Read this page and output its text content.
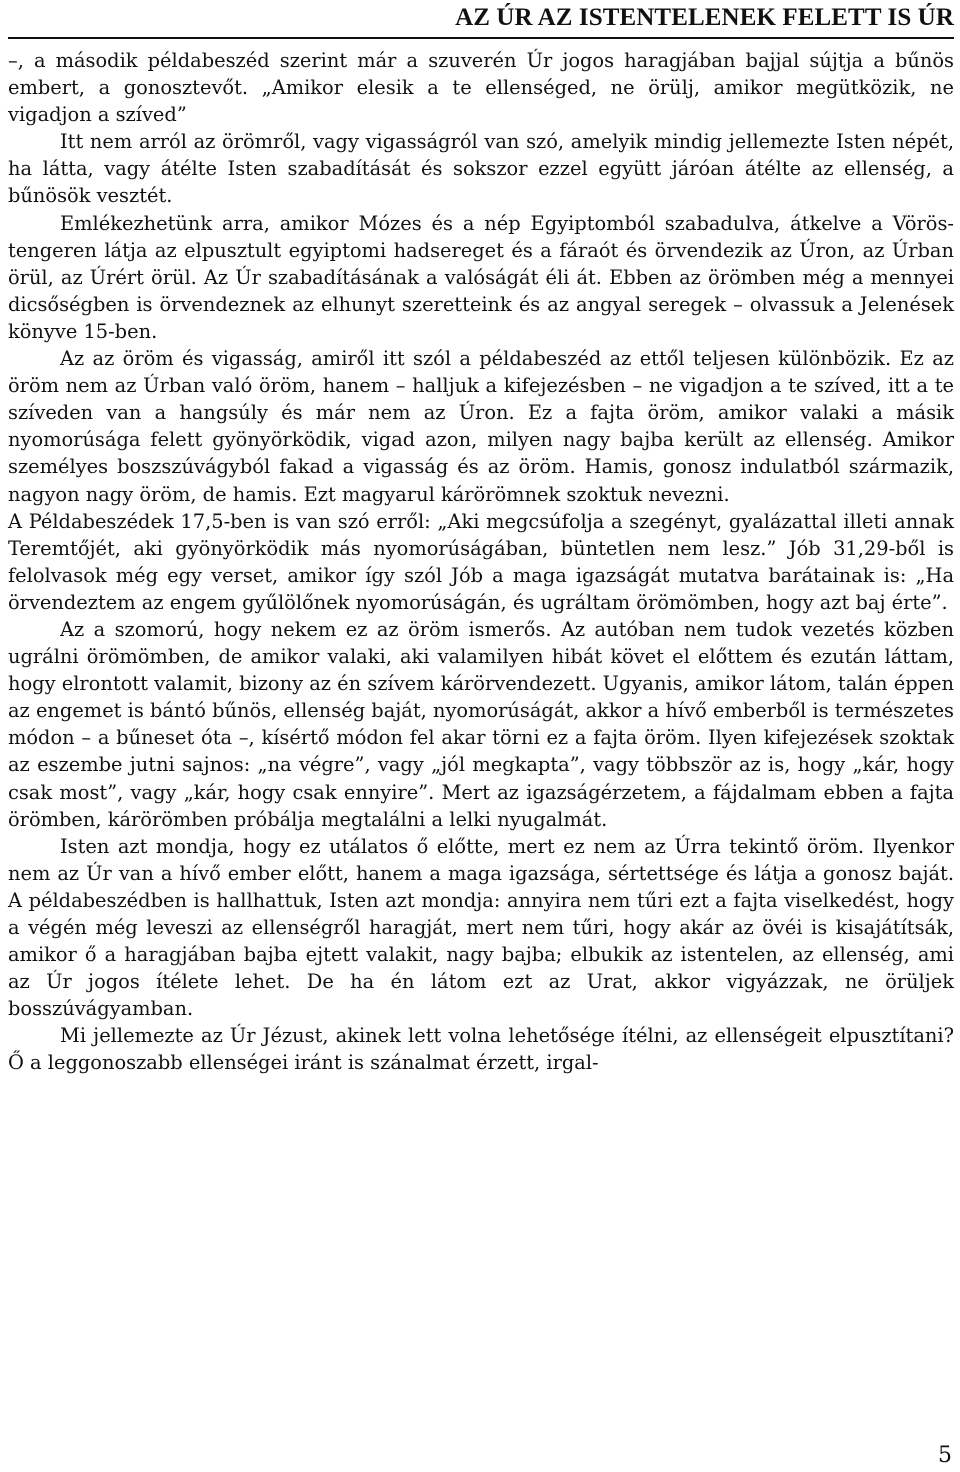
AZ ÚR AZ ISTENTELENEK FELETT IS ÚR

–, a második példabeszéd szerint már a szuverén Úr jogos haragjában bajjal sújtja a bűnös embert, a gonosztevőt. „Amikor elesik a te ellenséged, ne örülj, amikor megütközik, ne vigadjon a szíved”

Itt nem arról az örömről, vagy vigasságról van szó, amelyik mindig jellemezte Isten népét, ha látta, vagy átélte Isten szabadítását és sokszor ezzel együtt járóan átélte az ellenség, a bűnösök vesztét.

Emlékezhetünk arra, amikor Mózes és a nép Egyiptomból szabadulva, átkelve a Vörös-tengeren látja az elpusztult egyiptomi hadsereget és a fáraót és örvendezik az Úron, az Úrban örül, az Úrért örül. Az Úr szabadításának a valóságát éli át. Ebben az örömben még a mennyei dicsőségben is örvendeznek az elhunyt szeretteink és az angyal seregek – olvassuk a Jelenések könyve 15-ben.

Az az öröm és vigasság, amiről itt szól a példabeszéd az ettől teljesen különbözik. Ez az öröm nem az Úrban való öröm, hanem – halljuk a kifejezésben – ne vigadjon a te szíved, itt a te szíveden van a hangsúly és már nem az Úron. Ez a fajta öröm, amikor valaki a másik nyomorúsága felett gyönyörködik, vigad azon, milyen nagy bajba került az ellenség. Amikor személyes boszszúvágyból fakad a vigasság és az öröm. Hamis, gonosz indulatból származik, nagyon nagy öröm, de hamis. Ezt magyarul kárörömnek szoktuk nevezni.

A Példabeszédek 17,5-ben is van szó erről: „Aki megcsúfolja a szegényt, gyalázattal illeti annak Teremtőjét, aki gyönyörködik más nyomorúságában, büntetlen nem lesz.” Jób 31,29-ből is felolvasok még egy verset, amikor így szól Jób a maga igazságát mutatva barátainak is: „Ha örvendeztem az engem gyűlölőnek nyomorúságán, és ugráltam örömömben, hogy azt baj érte”.

Az a szomorú, hogy nekem ez az öröm ismerős. Az autóban nem tudok vezetés közben ugrálni örömömben, de amikor valaki, aki valamilyen hibát követ el előttem és ezután láttam, hogy elrontott valamit, bizony az én szívem kárörvendezett. Ugyanis, amikor látom, talán éppen az engemet is bántó bűnös, ellenség baját, nyomorúságát, akkor a hívő emberből is természetes módon – a bűneset óta –, kísértő módon fel akar törni ez a fajta öröm. Ilyen kifejezések szoktak az eszembe jutni sajnos: „na végre”, vagy „jól megkapta”, vagy többször az is, hogy „kár, hogy csak most”, vagy „kár, hogy csak ennyire”. Mert az igazságérzetem, a fájdalmam ebben a fajta örömben, kárörömben próbálja megtalálni a lelki nyugalmát.

Isten azt mondja, hogy ez utálatos ő előtte, mert ez nem az Úrra tekintő öröm. Ilyenkor nem az Úr van a hívő ember előtt, hanem a maga igazsága, sértettsége és látja a gonosz baját. A példabeszédben is hallhattuk, Isten azt mondja: annyira nem tűri ezt a fajta viselkedést, hogy a végén még leveszi az ellenségről haragját, mert nem tűri, hogy akár az övéi is kisajátítsák, amikor ő a haragjában bajba ejtett valakit, nagy bajba; elbukik az istentelen, az ellenség, ami az Úr jogos ítélete lehet. De ha én látom ezt az Urat, akkor vigyázzak, ne örüljek bosszúvágyamban.

Mi jellemezte az Úr Jézust, akinek lett volna lehetősége ítélni, az ellenségeit elpusztítani? Ő a leggonoszabb ellenségei iránt is szánalmat érzett, irgal-

5
